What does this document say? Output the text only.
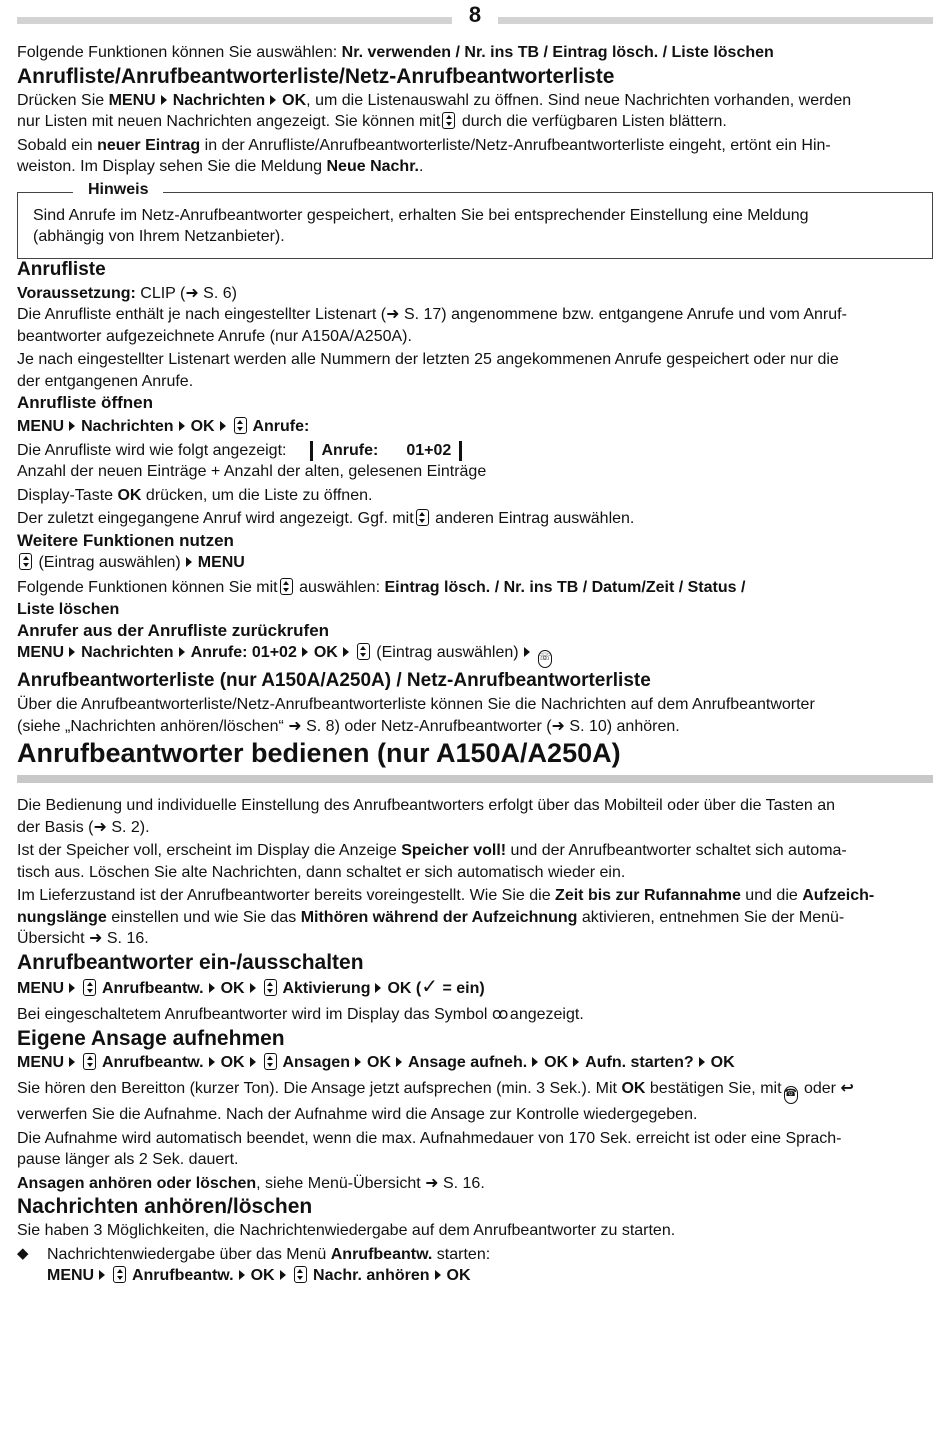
8

Folgende Funktionen können Sie auswählen: Nr. verwenden / Nr. ins TB / Eintrag lösch. / Liste löschen

Anrufliste/Anrufbeantworterliste/Netz-Anrufbeantworterliste

Drücken Sie MENU Nachrichten OK, um die Listenauswahl zu öffnen. Sind neue Nachrichten vorhanden, werden

nur Listen mit neuen Nachrichten angezeigt. Sie können mit durch die verfügbaren Listen blättern.

Sobald ein neuer Eintrag in der Anrufliste/Anrufbeantworterliste/Netz-Anrufbeantworterliste eingeht, ertönt ein Hin-

weiston. Im Display sehen Sie die Meldung Neue Nachr..

Hinweis

Sind Anrufe im Netz-Anrufbeantworter gespeichert, erhalten Sie bei entsprechender Einstellung eine Meldung

(abhängig von Ihrem Netzanbieter).

Anrufliste

Voraussetzung: CLIP (➜ S. 6)

Die Anrufliste enthält je nach eingestellter Listenart (➜ S. 17) angenommene bzw. entgangene Anrufe und vom Anruf-

beantworter aufgezeichnete Anrufe (nur A150A/A250A).

Je nach eingestellter Listenart werden alle Nummern der letzten 25 angekommenen Anrufe gespeichert oder nur die

der entgangenen Anrufe.

Anrufliste öffnen

MENU Nachrichten OK Anrufe:

Die Anrufliste wird wie folgt angezeigt: Anrufe: 01+02

Anzahl der neuen Einträge + Anzahl der alten, gelesenen Einträge

Display-Taste OK drücken, um die Liste zu öffnen.

Der zuletzt eingegangene Anruf wird angezeigt. Ggf. mit anderen Eintrag auswählen.

Weitere Funktionen nutzen

(Eintrag auswählen) MENU

Folgende Funktionen können Sie mit auswählen: Eintrag lösch. / Nr. ins TB / Datum/Zeit / Status /

Liste löschen

Anrufer aus der Anrufliste zurückrufen

MENU Nachrichten Anrufe: 01+02 OK (Eintrag auswählen) ☏

Anrufbeantworterliste (nur A150A/A250A) / Netz-Anrufbeantworterliste

Über die Anrufbeantworterliste/Netz-Anrufbeantworterliste können Sie die Nachrichten auf dem Anrufbeantworter

(siehe „Nachrichten anhören/löschen“ ➜ S. 8) oder Netz-Anrufbeantworter (➜ S. 10) anhören.

Anrufbeantworter bedienen (nur A150A/A250A)

Die Bedienung und individuelle Einstellung des Anrufbeantworters erfolgt über das Mobilteil oder über die Tasten an

der Basis (➜ S. 2).

Ist der Speicher voll, erscheint im Display die Anzeige Speicher voll! und der Anrufbeantworter schaltet sich automa-

tisch aus. Löschen Sie alte Nachrichten, dann schaltet er sich automatisch wieder ein.

Im Lieferzustand ist der Anrufbeantworter bereits voreingestellt. Wie Sie die Zeit bis zur Rufannahme und die Aufzeich-

nungslänge einstellen und wie Sie das Mithören während der Aufzeichnung aktivieren, entnehmen Sie der Menü-

Übersicht ➜ S. 16.

Anrufbeantworter ein-/ausschalten

MENU Anrufbeantw. OK Aktivierung OK (✓ = ein)

Bei eingeschaltetem Anrufbeantworter wird im Display das Symbol oo angezeigt.

Eigene Ansage aufnehmen

MENU Anrufbeantw. OK Ansagen OK Ansage aufneh. OK Aufn. starten? OK

Sie hören den Bereitton (kurzer Ton). Die Ansage jetzt aufsprechen (min. 3 Sek.). Mit OK bestätigen Sie, mit ☎ oder ↩

verwerfen Sie die Aufnahme. Nach der Aufnahme wird die Ansage zur Kontrolle wiedergegeben.

Die Aufnahme wird automatisch beendet, wenn die max. Aufnahmedauer von 170 Sek. erreicht ist oder eine Sprach-

pause länger als 2 Sek. dauert.

Ansagen anhören oder löschen, siehe Menü-Übersicht ➜ S. 16.

Nachrichten anhören/löschen

Sie haben 3 Möglichkeiten, die Nachrichtenwiedergabe auf dem Anrufbeantworter zu starten.

◆ Nachrichtenwiedergabe über das Menü Anrufbeantw. starten:

MENU Anrufbeantw. OK Nachr. anhören OK
